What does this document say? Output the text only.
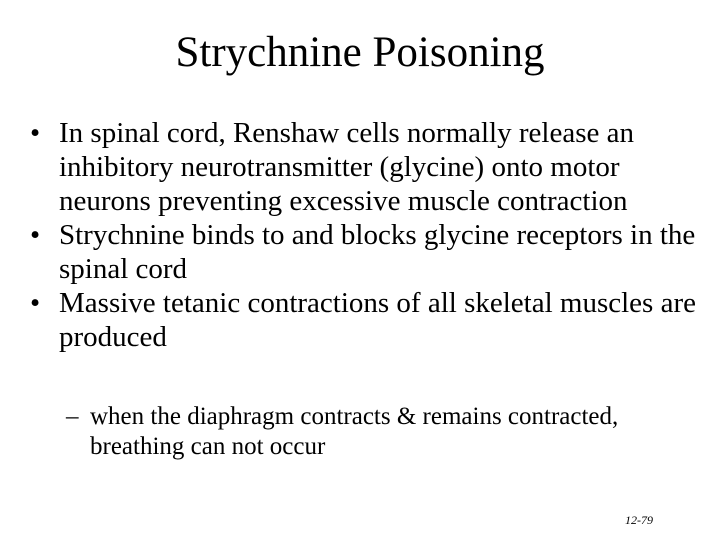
Strychnine Poisoning
• In spinal cord, Renshaw cells normally release an inhibitory neurotransmitter (glycine) onto motor neurons preventing excessive muscle contraction
• Strychnine binds to and blocks glycine receptors in the spinal cord
• Massive tetanic contractions of all skeletal muscles are produced
– when the diaphragm contracts & remains contracted, breathing can not occur
12-79
